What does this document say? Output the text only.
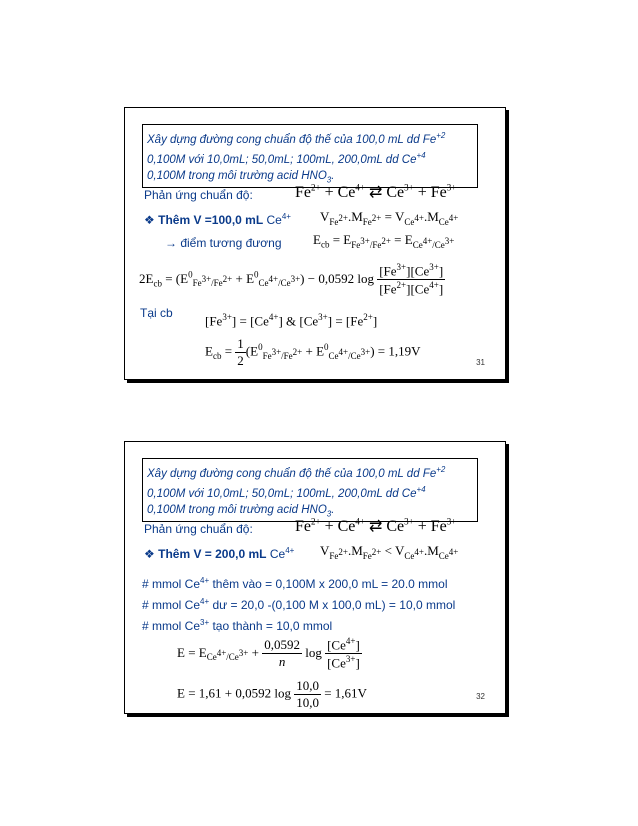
Xây dựng đường cong chuẩn độ thế của 100,0 mL dd $Fe^{+2}$
0,100M với 10,0mL; 50,0mL; 100mL, 200,0mL dd $Ce^{+4}$
0,100M trong môi trường acid $HNO_3$.
Phản ứng chuẩn độ:	$Fe^{2+} + Ce^{4+}$ ⇄ $Ce^{3+} + Fe^{3+}$
❖ Thêm V =100,0 mL $Ce^{4+}$ $V_{Fe^{2+}}.M_{Fe^{2+}} = V_{Ce^{4+}}.M_{Ce^{4+}}$
→ điểm tương đương $E_{cb} = E_{Fe^{3+}/Fe^{2+}} = E_{Ce^{4+}/Ce^{3+}}$
$2E_{cb} = (E^0_{Fe^{3+}/Fe^{2+}} + E^0_{Ce^{4+}/Ce^{3+}}) - 0,0592$ $\log \frac{[Fe^{3+}][Ce^{3+}]}{[Fe^{2+}][Ce^{4+}]}$
Tại cb
$[Fe^{3+}] = [Ce^{4+}]$ & $[Ce^{3+}] = [Fe^{2+}]$
$E_{cb} = \frac{1}{2} (E^0_{Fe^{3+}/Fe^{2+}} + E^0_{Ce^{4+}/Ce^{3+}}) = 1,19V$
31
Xây dựng đường cong chuẩn độ thế của 100,0 mL dd $Fe^{+2}$
0,100M với 10,0mL; 50,0mL; 100mL, 200,0mL dd $Ce^{+4}$
0,100M trong môi trường acid $HNO_3$.
Phản ứng chuẩn độ:	$Fe^{2+} + Ce^{4+}$ ⇄ $Ce^{3+} + Fe^{3+}$
❖ Thêm V = 200,0 mL $Ce^{4+}$ $V_{Fe^{2+}}.M_{Fe^{2+}} < V_{Ce^{4+}}.M_{Ce^{4+}}$
# mmol $Ce^{4+}$ thêm vào = 0,100M x 200,0 mL = 20.0 mmol
# mmol $Ce^{4+}$ dư = 20,0 -(0,100 M x 100,0 mL) = 10,0 mmol
# mmol $Ce^{3+}$ tạo thành = 10,0 mmol
$E = E_{Ce^{4+}/Ce^{3+}} + \frac{0,0592}{n}$ $\log \frac{[Ce^{4+}]}{[Ce^{3+}]}$
E = 1,61 + 0,0592 $\log \frac{10,0}{10,0} = 1,61V$	32
